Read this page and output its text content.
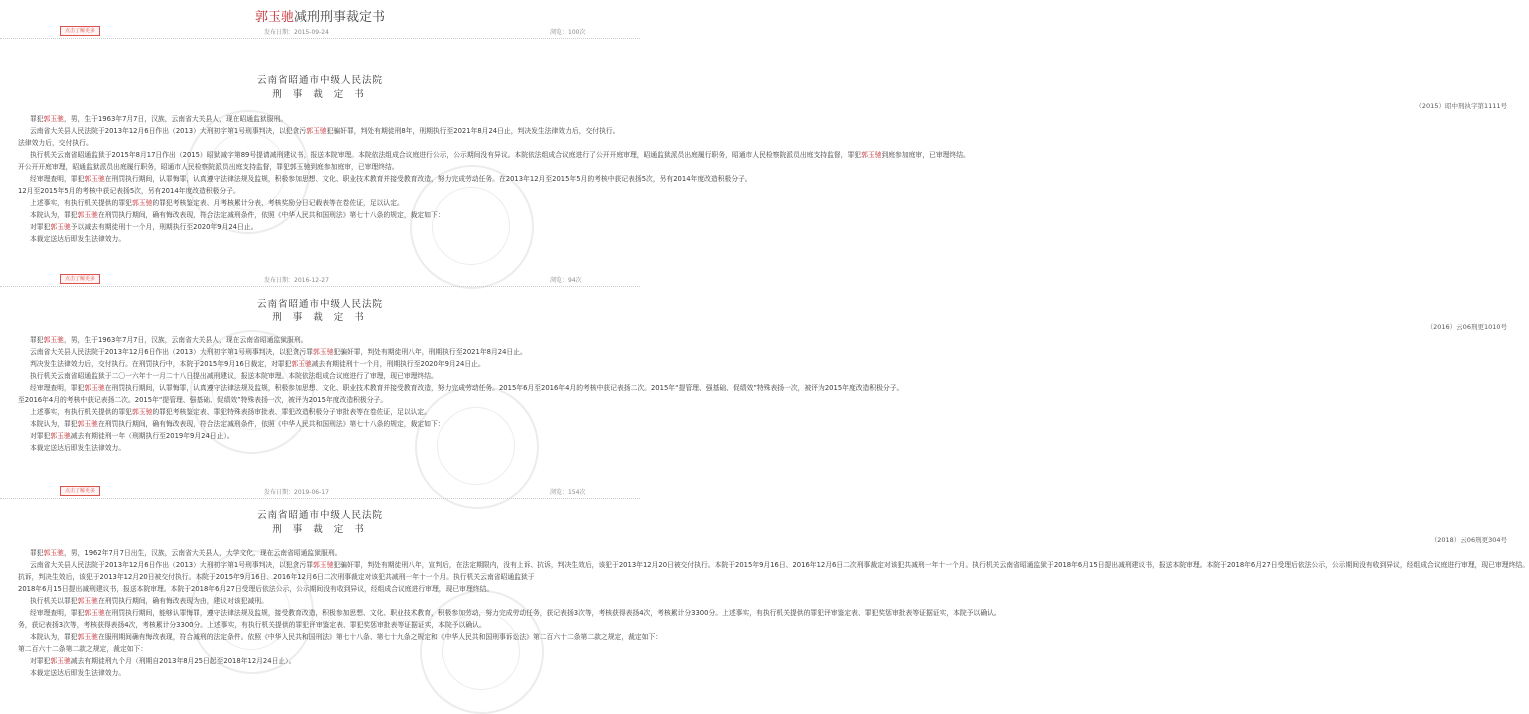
郭玉驰减刑刑事裁定书
点击了解更多	发布日期：2015-09-24	浏览：100次
云南省昭通市中级人民法院
刑 事 裁 定 书
（2015）昭中刑执字第1111号

罪犯郭玉驰，男，生于1963年7月7日，汉族，云南省大关县人，现在昭通监狱服刑。

云南省大关县人民法院于2013年12月6日作出（2013）大刑初字第1号刑事判决，以犯贪污郭玉驰犯骗奸罪，判处有期徒刑8年，刑期执行至2021年8月24日止，判决发生法律效力后，交付执行。

法律效力后，交付执行。

执行机关云南省昭通监狱于2015年8月17日作出（2015）昭狱减字第89号提请减刑建议书，报送本院审理。本院依法组成合议庭进行公示，公示期间没有异议。本院依法组成合议庭进行了公开开庭审理，昭通监狱派员出庭履行职务，昭通市人民检察院派员出庭支持监督，罪犯郭玉驰到庭参加庭审，已审理终结。

开公开开庭审理，昭通监狱派员出庭履行职务，昭通市人民检察院派员出庭支持监督，罪犯郭玉驰到庭参加庭审，已审理终结。

经审理查明，罪犯郭玉驰在刑罚执行期间，认罪悔罪，认真遵守法律法规及监规，积极参加思想、文化、职业技术教育并接受教育改造，努力完成劳动任务。在2013年12月至2015年5月的考核中获记表扬5次，另有2014年度改造积极分子。

12月至2015年5月的考核中获记表扬5次，另有2014年度改造积极分子。

上述事实，有执行机关提供的罪犯郭玉驰的罪犯考核鉴定表、月考核累计分表、考核奖励分日记载表等在卷佐证，足以认定。

本院认为，罪犯郭玉驰在刑罚执行期间，确有悔改表现，符合法定减刑条件，依照《中华人民共和国刑法》第七十八条的规定，裁定如下：

对罪犯郭玉驰予以减去有期徒刑十一个月，刑期执行至2020年9月24日止。

本裁定送达后即发生法律效力。

点击了解更多	发布日期：2016-12-27	浏览：94次
云南省昭通市中级人民法院
刑 事 裁 定 书
（2016）云06刑更1010号

罪犯郭玉驰，男，生于1963年7月7日，汉族，云南省大关县人，现在云南省昭通监狱服刑。

云南省大关县人民法院于2013年12月6日作出（2013）大刑初字第1号刑事判决，以犯贪污罪郭玉驰犯骗奸罪，判处有期徒刑八年，刑期执行至2021年8月24日止。

判决发生法律效力后，交付执行。在刑罚执行中，本院于2015年9月16日裁定，对罪犯郭玉驰减去有期徒刑十一个月，刑期执行至2020年9月24日止。

执行机关云南省昭通监狱于二〇一六年十一月二十八日提出减刑建议，报送本院审理。本院依法组成合议庭进行了审理，现已审理终结。

经审理查明，罪犯郭玉驰在刑罚执行期间，认罪悔罪，认真遵守法律法规及监规，积极参加思想、文化、职业技术教育并接受教育改造，努力完成劳动任务。2015年6月至2016年4月的考核中获记表扬二次。2015年“提管理、强基础、促绩效”特殊表扬一次，被评为2015年度改造积极分子。

至2016年4月的考核中获记表扬二次。2015年“提管理、强基础、促绩效”特殊表扬一次，被评为2015年度改造积极分子。

上述事实，有执行机关提供的罪犯郭玉驰的罪犯考核鉴定表、罪犯特殊表扬审批表、罪犯改造积极分子审批表等在卷佐证，足以认定。

本院认为，罪犯郭玉驰在刑罚执行期间，确有悔改表现，符合法定减刑条件，依照《中华人民共和国刑法》第七十八条的规定，裁定如下：

对罪犯郭玉驰减去有期徒刑一年（刑期执行至2019年9月24日止）。

本裁定送达后即发生法律效力。

点击了解更多	发布日期：2019-06-17	浏览：154次
云南省昭通市中级人民法院
刑 事 裁 定 书
（2018）云06刑更304号

罪犯郭玉驰，男，1962年7月7日出生，汉族，云南省大关县人，大学文化，现在云南省昭通监狱服刑。

云南省大关县人民法院于2013年12月6日作出（2013）大刑初字第1号刑事判决，以犯贪污罪郭玉驰犯骗奸罪，判处有期徒刑八年，宣判后，在法定期限内，没有上诉、抗诉，判决生效后，该犯于2013年12月20日被交付执行。本院于2015年9月16日、2016年12月6日二次刑事裁定对该犯共减刑一年十一个月。执行机关云南省昭通监狱于2018年6月15日提出减刑建议书，报送本院审理。本院于2018年6月27日受理后依法公示，公示期间没有收到异议，经组成合议庭进行审理，现已审理终结。

抗诉，判决生效后，该犯于2013年12月20日被交付执行。本院于2015年9月16日、2016年12月6日二次刑事裁定对该犯共减刑一年十一个月。执行机关云南省昭通监狱于

2018年6月15日提出减刑建议书，报送本院审理。本院于2018年6月27日受理后依法公示，公示期间没有收到异议，经组成合议庭进行审理，现已审理终结。

执行机关以罪犯郭玉驰在刑罚执行期间，确有悔改表现为由，建议对该犯减刑。

经审理查明，罪犯郭玉驰在刑罚执行期间，能够认罪悔罪，遵守法律法规及监规，接受教育改造，积极参加思想、文化、职业技术教育，积极参加劳动，努力完成劳动任务，获记表扬3次等，考核获得表扬4次，考核累计分3300分。上述事实，有执行机关提供的罪犯评审鉴定表、罪犯奖惩审批表等证据证实，本院予以确认。

务，获记表扬3次等，考核获得表扬4次，考核累计分3300分。上述事实，有执行机关提供的罪犯评审鉴定表、罪犯奖惩审批表等证据证实，本院予以确认。

本院认为，罪犯郭玉驰在服刑期间确有悔改表现，符合减刑的法定条件。依照《中华人民共和国刑法》第七十八条、第七十九条之规定和《中华人民共和国刑事诉讼法》第二百六十二条第二款之规定，裁定如下：

第二百六十二条第二款之规定，裁定如下：

对罪犯郭玉驰减去有期徒刑九个月（刑期自2013年8月25日起至2018年12月24日止）。

本裁定送达后即发生法律效力。
